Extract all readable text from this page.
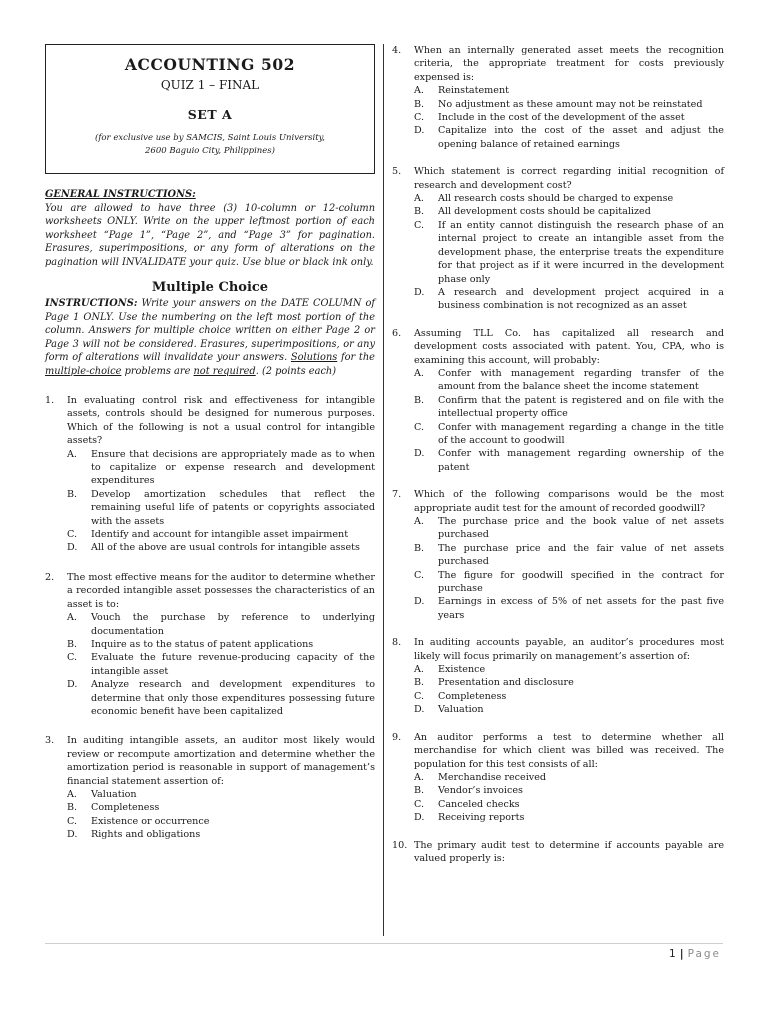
ACCOUNTING 502
QUIZ 1 – FINAL
SET A
(for exclusive use by SAMCIS, Saint Louis University,
2600 Baguio City, Philippines)
GENERAL INSTRUCTIONS:
You are allowed to have three (3) 10-column or 12-column worksheets ONLY. Write on the upper leftmost portion of each worksheet “Page 1”, “Page 2”, and “Page 3” for pagination. Erasures, superimpositions, or any form of alterations on the pagination will INVALIDATE your quiz. Use blue or black ink only.
Multiple Choice
INSTRUCTIONS: Write your answers on the DATE COLUMN of Page 1 ONLY. Use the numbering on the left most portion of the column. Answers for multiple choice written on either Page 2 or Page 3 will not be considered. Erasures, superimpositions, or any form of alterations will invalidate your answers. Solutions for the multiple-choice problems are not required. (2 points each)
1.	In evaluating control risk and effectiveness for intangible assets, controls should be designed for numerous purposes. Which of the following is not a usual control for intangible assets?
A.	Ensure that decisions are appropriately made as to when to capitalize or expense research and development expenditures
B.	Develop amortization schedules that reflect the remaining useful life of patents or copyrights associated with the assets
C.	Identify and account for intangible asset impairment
D.	All of the above are usual controls for intangible assets
2.	The most effective means for the auditor to determine whether a recorded intangible asset possesses the characteristics of an asset is to:
A.	Vouch the purchase by reference to underlying documentation
B.	Inquire as to the status of patent applications
C.	Evaluate the future revenue-producing capacity of the intangible asset
D.	Analyze research and development expenditures to determine that only those expenditures possessing future economic benefit have been capitalized
3.	In auditing intangible assets, an auditor most likely would review or recompute amortization and determine whether the amortization period is reasonable in support of management’s financial statement assertion of:
A.	Valuation
B.	Completeness
C.	Existence or occurrence
D.	Rights and obligations
4.	When an internally generated asset meets the recognition criteria, the appropriate treatment for costs previously expensed is:
A.	Reinstatement
B.	No adjustment as these amount may not be reinstated
C.	Include in the cost of the development of the asset
D.	Capitalize into the cost of the asset and adjust the opening balance of retained earnings
5.	Which statement is correct regarding initial recognition of research and development cost?
A.	All research costs should be charged to expense
B.	All development costs should be capitalized
C.	If an entity cannot distinguish the research phase of an internal project to create an intangible asset from the development phase, the enterprise treats the expenditure for that project as if it were incurred in the development phase only
D.	A research and development project acquired in a business combination is not recognized as an asset
6.	Assuming TLL Co. has capitalized all research and development costs associated with patent. You, CPA, who is examining this account, will probably:
A.	Confer with management regarding transfer of the amount from the balance sheet the income statement
B.	Confirm that the patent is registered and on file with the intellectual property office
C.	Confer with management regarding a change in the title of the account to goodwill
D.	Confer with management regarding ownership of the patent
7.	Which of the following comparisons would be the most appropriate audit test for the amount of recorded goodwill?
A.	The purchase price and the book value of net assets purchased
B.	The purchase price and the fair value of net assets purchased
C.	The figure for goodwill specified in the contract for purchase
D.	Earnings in excess of 5% of net assets for the past five years
8.	In auditing accounts payable, an auditor’s procedures most likely will focus primarily on management’s assertion of:
A.	Existence
B.	Presentation and disclosure
C.	Completeness
D.	Valuation
9.	An auditor performs a test to determine whether all merchandise for which client was billed was received. The population for this test consists of all:
A.	Merchandise received
B.	Vendor’s invoices
C.	Canceled checks
D.	Receiving reports
10. The primary audit test to determine if accounts payable are valued properly is:
1 | Page
